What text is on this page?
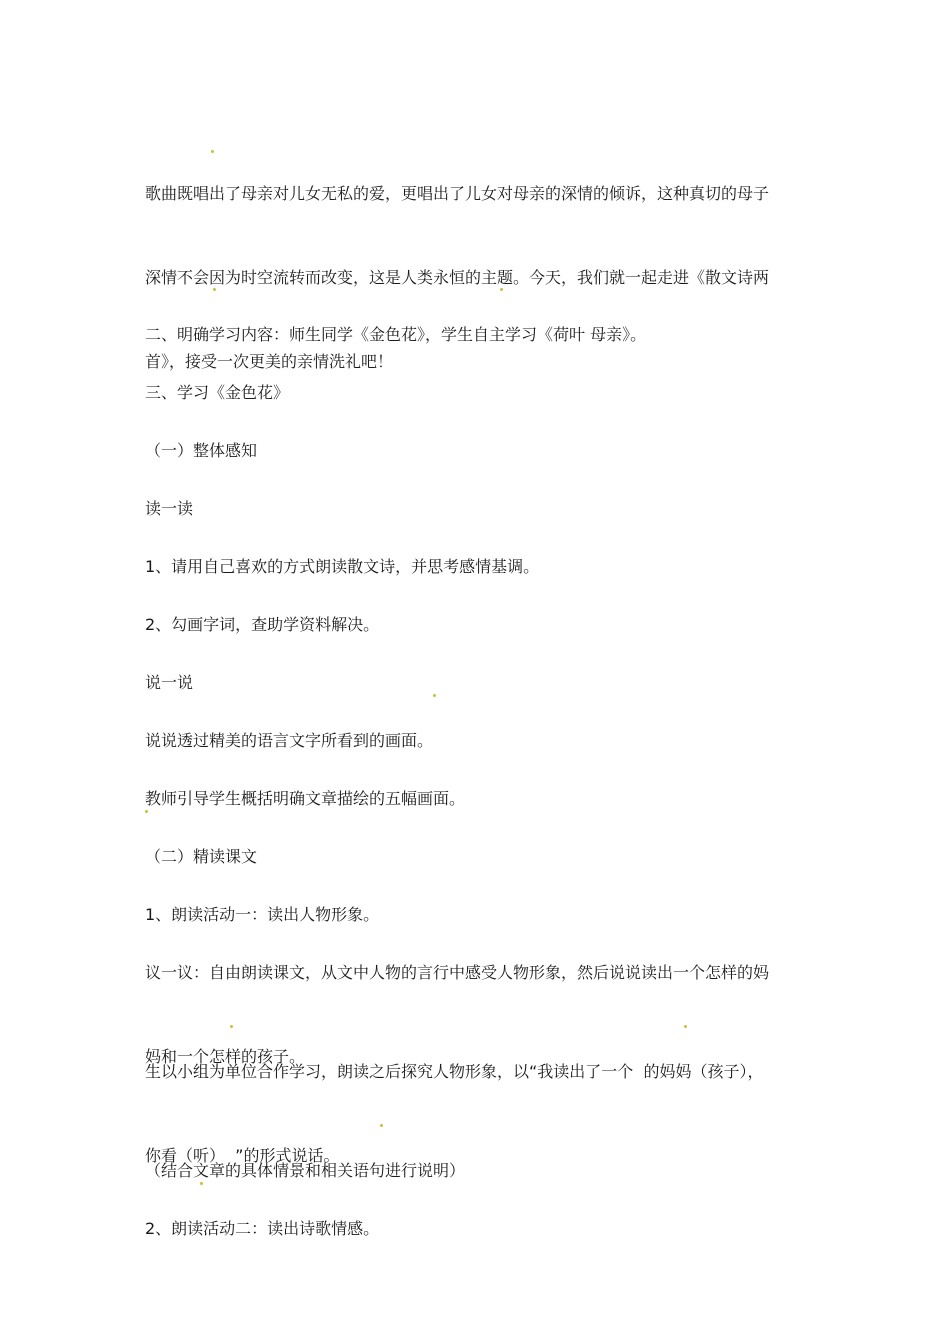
歌曲既唱出了母亲对儿女无私的爱，更唱出了儿女对母亲的深情的倾诉，这种真切的母子

深情不会因为时空流转而改变，这是人类永恒的主题。今天，我们就一起走进《散文诗两

首》，接受一次更美的亲情洗礼吧！

二、明确学习内容：师生同学《金色花》，学生自主学习《荷叶 母亲》。

三、学习《金色花》

（一）整体感知

读一读

1、请用自己喜欢的方式朗读散文诗，并思考感情基调。

2、勾画字词，查助学资料解决。

说一说

说说透过精美的语言文字所看到的画面。

教师引导学生概括明确文章描绘的五幅画面。

（二）精读课文

1、朗读活动一：读出人物形象。

议一议：自由朗读课文，从文中人物的言行中感受人物形象，然后说说读出一个怎样的妈

妈和一个怎样的孩子。

生以小组为单位合作学习，朗读之后探究人物形象，以“我读出了一个  的妈妈（孩子），

你看（听）  ”的形式说话。

（结合文章的具体情景和相关语句进行说明）

2、朗读活动二：读出诗歌情感。
